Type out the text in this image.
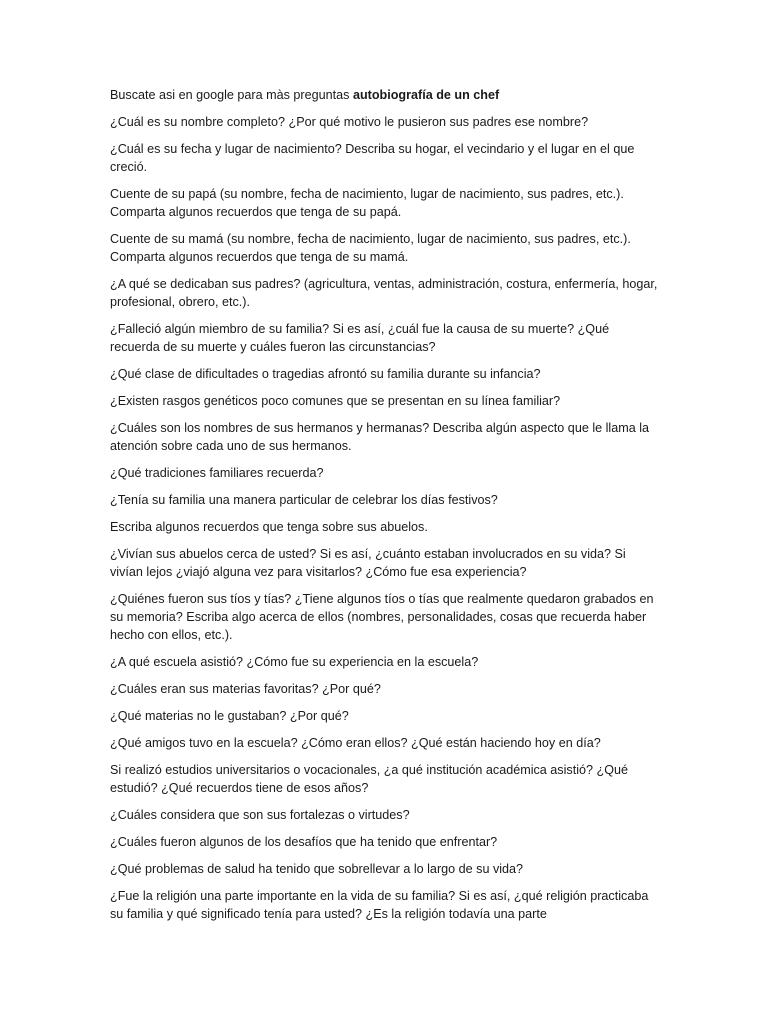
Buscate asi en google para màs preguntas autobiografía de un chef

¿Cuál es su nombre completo? ¿Por qué motivo le pusieron sus padres ese nombre?

¿Cuál es su fecha y lugar de nacimiento? Describa su hogar, el vecindario y el lugar en el que creció.

Cuente de su papá (su nombre, fecha de nacimiento, lugar de nacimiento, sus padres, etc.). Comparta algunos recuerdos que tenga de su papá.

Cuente de su mamá (su nombre, fecha de nacimiento, lugar de nacimiento, sus padres, etc.). Comparta algunos recuerdos que tenga de su mamá.

¿A qué se dedicaban sus padres? (agricultura, ventas, administración, costura, enfermería, hogar, profesional, obrero, etc.).

¿Falleció algún miembro de su familia? Si es así, ¿cuál fue la causa de su muerte? ¿Qué recuerda de su muerte y cuáles fueron las circunstancias?

¿Qué clase de dificultades o tragedias afrontó su familia durante su infancia?

¿Existen rasgos genéticos poco comunes que se presentan en su línea familiar?

¿Cuáles son los nombres de sus hermanos y hermanas? Describa algún aspecto que le llama la atención sobre cada uno de sus hermanos.

¿Qué tradiciones familiares recuerda?

¿Tenía su familia una manera particular de celebrar los días festivos?

Escriba algunos recuerdos que tenga sobre sus abuelos.

¿Vivían sus abuelos cerca de usted? Si es así, ¿cuánto estaban involucrados en su vida? Si vivían lejos ¿viajó alguna vez para visitarlos? ¿Cómo fue esa experiencia?

¿Quiénes fueron sus tíos y tías? ¿Tiene algunos tíos o tías que realmente quedaron grabados en su memoria? Escriba algo acerca de ellos (nombres, personalidades, cosas que recuerda haber hecho con ellos, etc.).

¿A qué escuela asistió? ¿Cómo fue su experiencia en la escuela?

¿Cuáles eran sus materias favoritas? ¿Por qué?

¿Qué materias no le gustaban? ¿Por qué?

¿Qué amigos tuvo en la escuela? ¿Cómo eran ellos? ¿Qué están haciendo hoy en día?

Si realizó estudios universitarios o vocacionales, ¿a qué institución académica asistió? ¿Qué estudió? ¿Qué recuerdos tiene de esos años?

¿Cuáles considera que son sus fortalezas o virtudes?

¿Cuáles fueron algunos de los desafíos que ha tenido que enfrentar?

¿Qué problemas de salud ha tenido que sobrellevar a lo largo de su vida?

¿Fue la religión una parte importante en la vida de su familia? Si es así, ¿qué religión practicaba su familia y qué significado tenía para usted? ¿Es la religión todavía una parte
